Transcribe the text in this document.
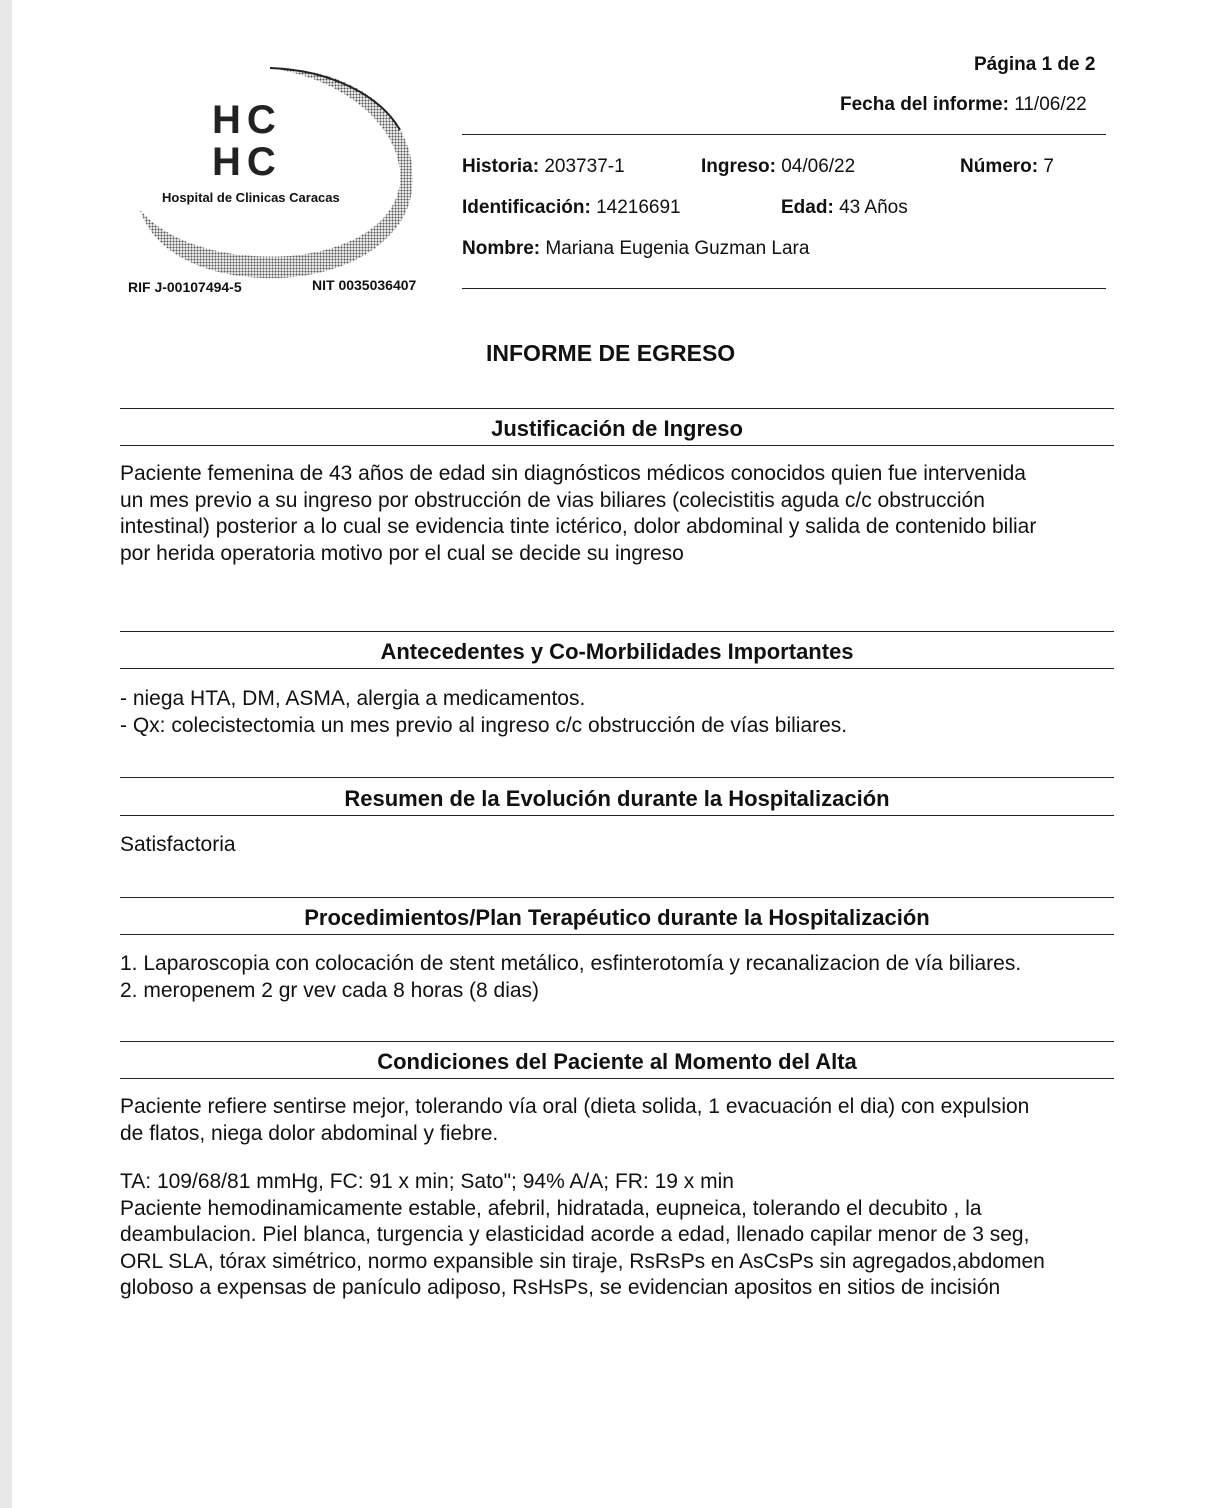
HC
HC
Hospital de Clinicas Caracas
RIF J-00107494-5	NIT 0035036407
Página 1 de 2
Fecha del informe: 11/06/22
Historia: 203737-1	Ingreso: 04/06/22	Número: 7
Identificación: 14216691	Edad: 43 Años
Nombre: Mariana Eugenia Guzman Lara
INFORME DE EGRESO
Justificación de Ingreso

Paciente femenina de 43 años de edad sin diagnósticos médicos conocidos quien fue intervenida

un mes previo a su ingreso por obstrucción de vias biliares (colecistitis aguda c/c obstrucción

intestinal) posterior a lo cual se evidencia tinte ictérico, dolor abdominal y salida de contenido biliar

por herida operatoria motivo por el cual se decide su ingreso

Antecedentes y Co-Morbilidades Importantes

- niega HTA, DM, ASMA, alergia a medicamentos.

- Qx: colecistectomia un mes previo al ingreso c/c obstrucción de vías biliares.

Resumen de la Evolución durante la Hospitalización

Satisfactoria

Procedimientos/Plan Terapéutico durante la Hospitalización

1. Laparoscopia con colocación de stent metálico, esfinterotomía y recanalizacion de vía biliares.

2. meropenem 2 gr vev cada 8 horas (8 dias)

Condiciones del Paciente al Momento del Alta

Paciente refiere sentirse mejor, tolerando vía oral (dieta solida, 1 evacuación el dia) con expulsion

de flatos, niega dolor abdominal y fiebre.

TA: 109/68/81 mmHg, FC: 91 x min; Sato"; 94% A/A; FR: 19 x min

Paciente hemodinamicamente estable, afebril, hidratada, eupneica, tolerando el decubito , la

deambulacion. Piel blanca, turgencia y elasticidad acorde a edad, llenado capilar menor de 3 seg,

ORL SLA, tórax simétrico, normo expansible sin tiraje, RsRsPs en AsCsPs sin agregados,abdomen

globoso a expensas de panículo adiposo, RsHsPs, se evidencian apositos en sitios de incisión
